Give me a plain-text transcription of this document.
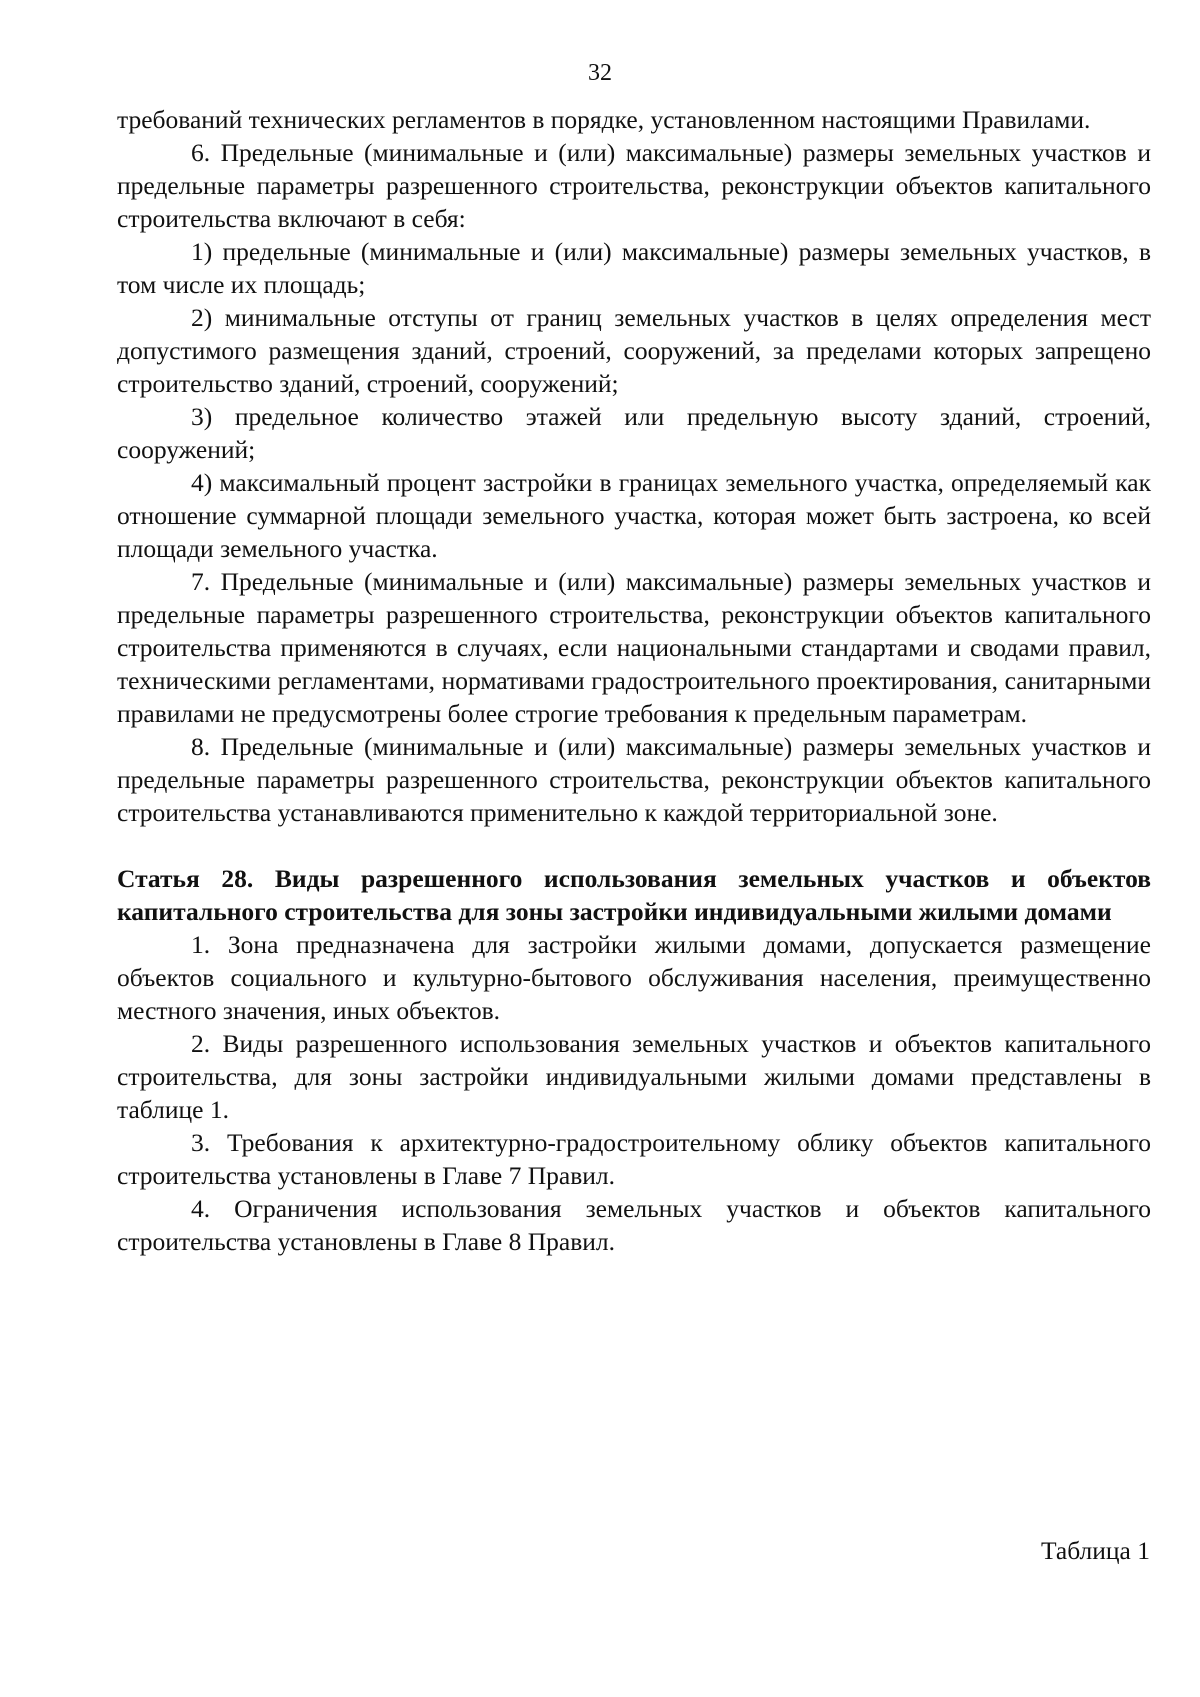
32

требований технических регламентов в порядке, установленном настоящими Правилами.

6. Предельные (минимальные и (или) максимальные) размеры земельных участков и предельные параметры разрешенного строительства, реконструкции объектов капитального строительства включают в себя:

1) предельные (минимальные и (или) максимальные) размеры земельных участков, в том числе их площадь;

2) минимальные отступы от границ земельных участков в целях определения мест допустимого размещения зданий, строений, сооружений, за пределами которых запрещено строительство зданий, строений, сооружений;

3) предельное количество этажей или предельную высоту зданий, строений, сооружений;

4) максимальный процент застройки в границах земельного участка, определяемый как отношение суммарной площади земельного участка, которая может быть застроена, ко всей площади земельного участка.

7. Предельные (минимальные и (или) максимальные) размеры земельных участков и предельные параметры разрешенного строительства, реконструкции объектов капитального строительства применяются в случаях, если национальными стандартами и сводами правил, техническими регламентами, нормативами градостроительного проектирования, санитарными правилами не предусмотрены более строгие требования к предельным параметрам.

8. Предельные (минимальные и (или) максимальные) размеры земельных участков и предельные параметры разрешенного строительства, реконструкции объектов капитального строительства устанавливаются применительно к каждой территориальной зоне.

Статья 28. Виды разрешенного использования земельных участков и объектов капитального строительства для зоны застройки индивидуальными жилыми домами

1. Зона предназначена для застройки жилыми домами, допускается размещение объектов социального и культурно-бытового обслуживания населения, преимущественно местного значения, иных объектов.

2. Виды разрешенного использования земельных участков и объектов капитального строительства, для зоны застройки индивидуальными жилыми домами представлены в таблице 1.

3. Требования к архитектурно-градостроительному облику объектов капитального строительства установлены в Главе 7 Правил.

4. Ограничения использования земельных участков и объектов капитального строительства установлены в Главе 8 Правил.

Таблица 1
